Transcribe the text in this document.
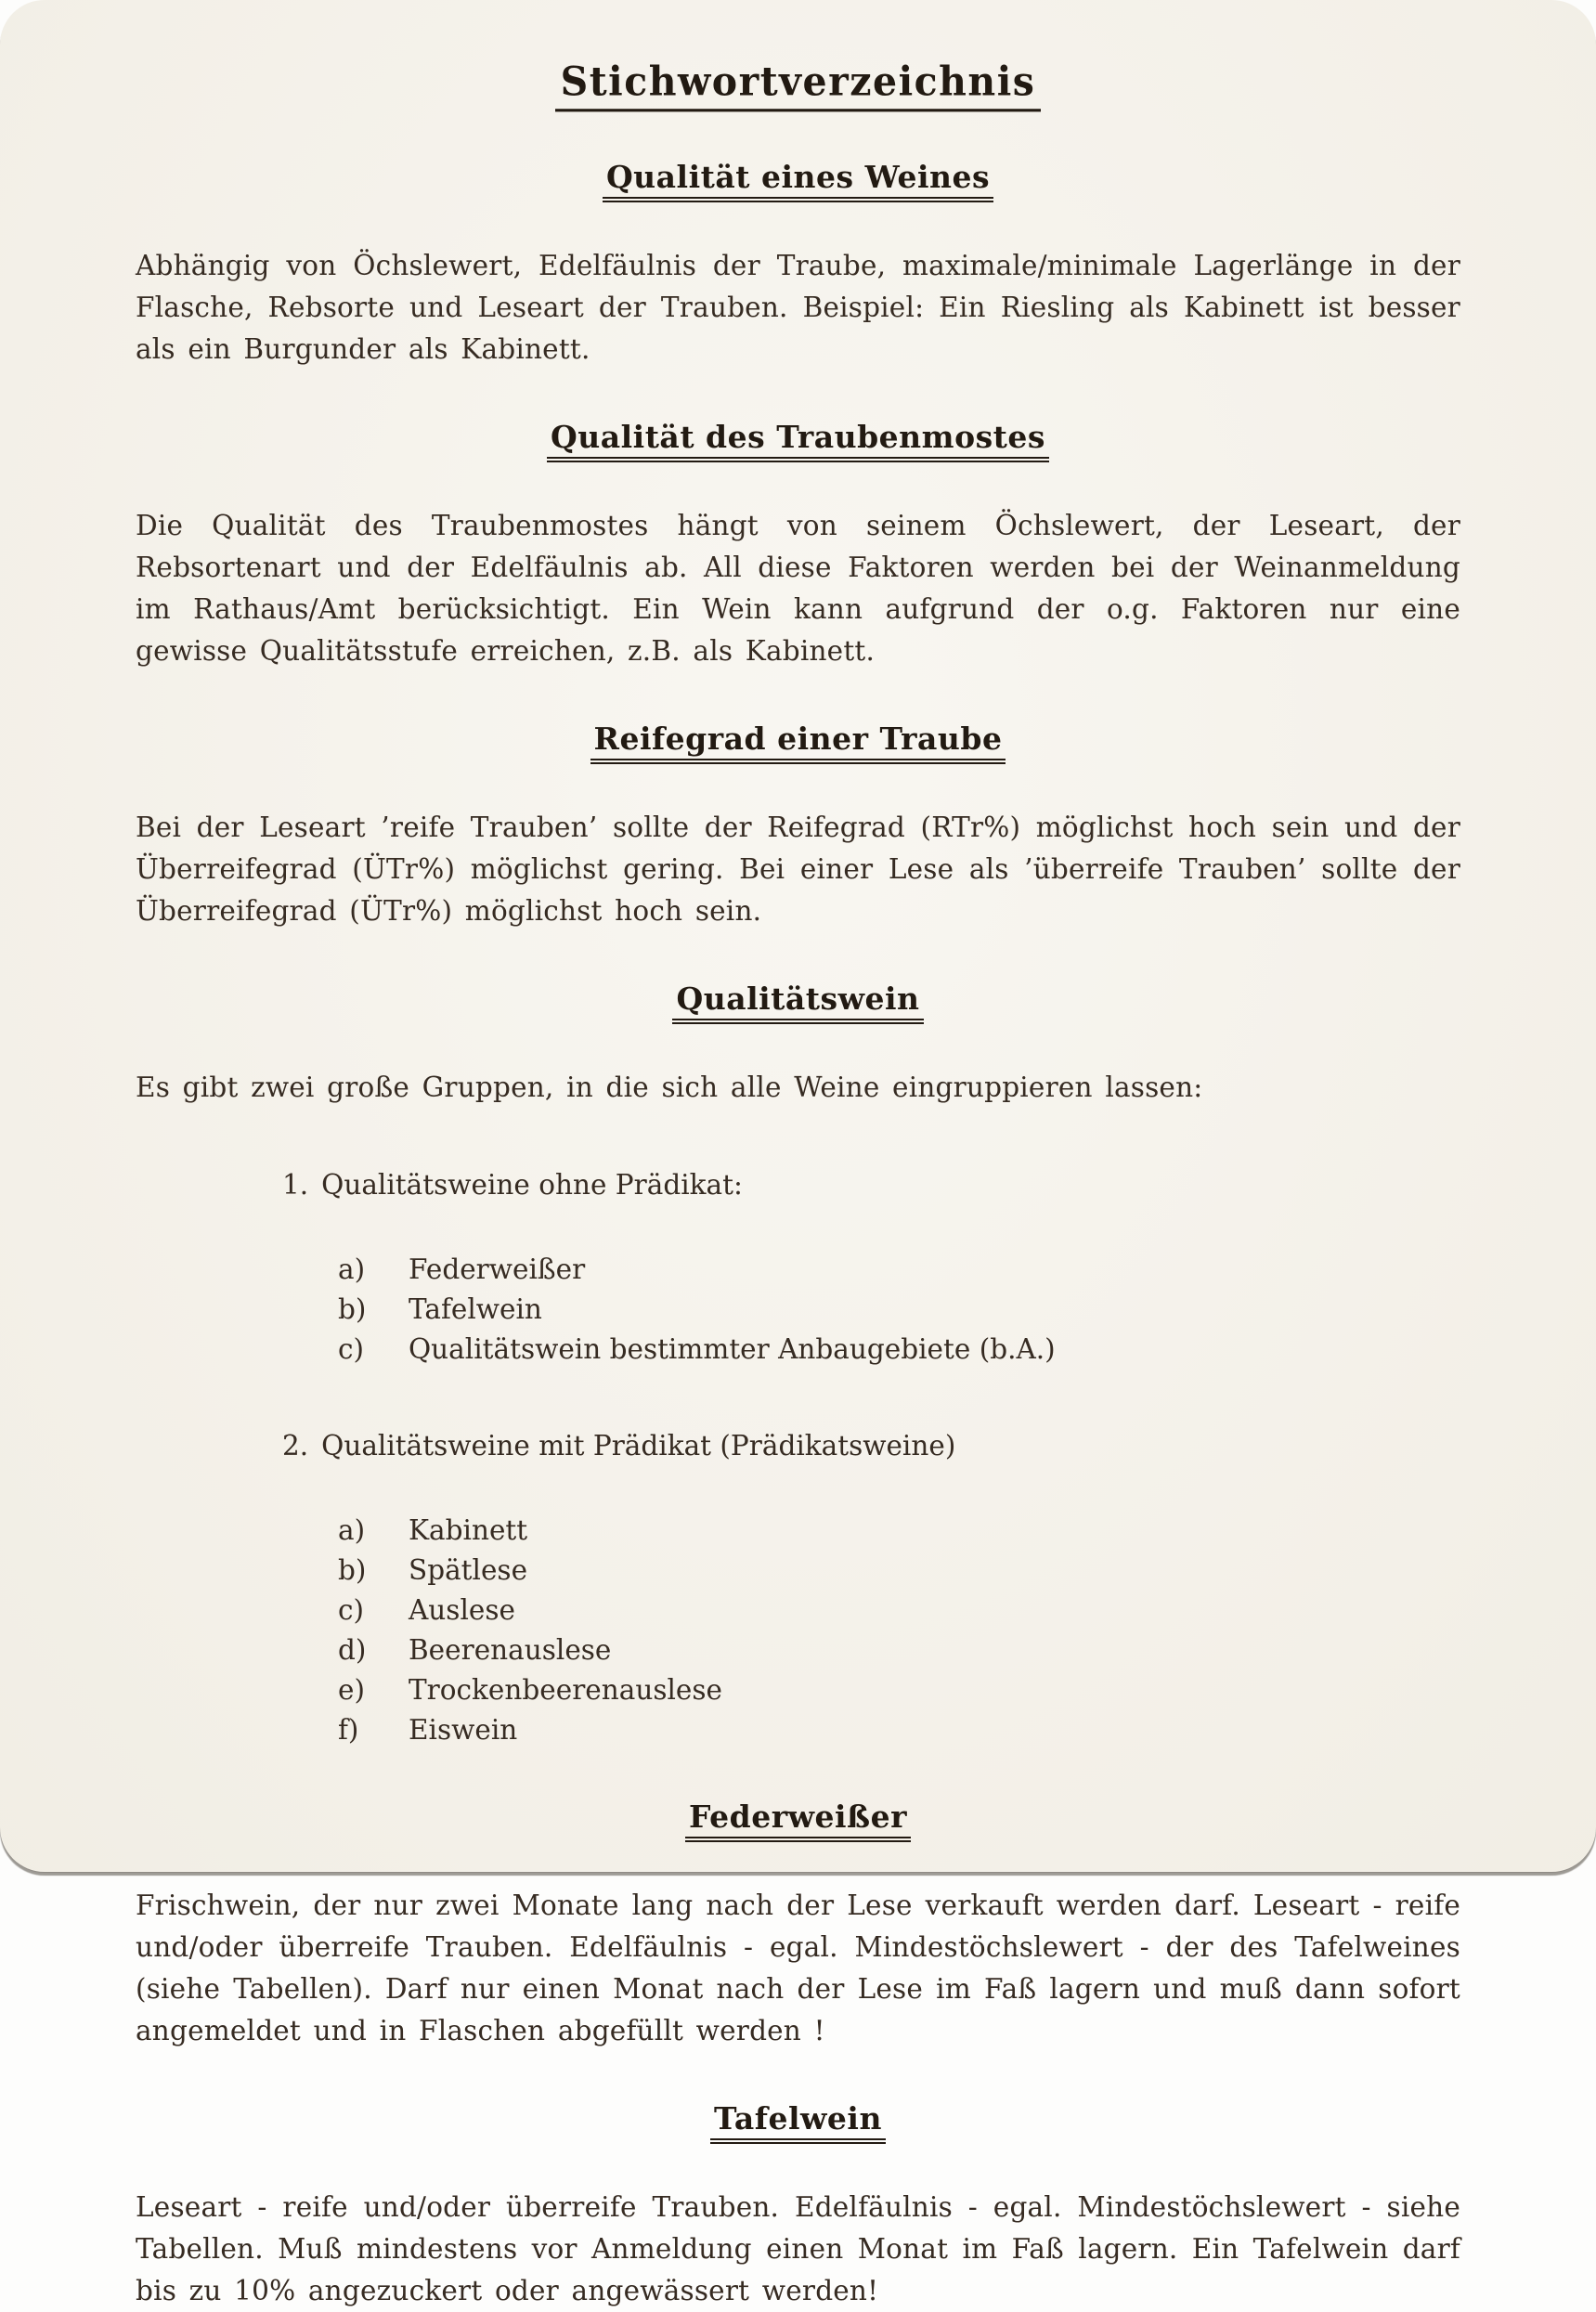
Stichwortverzeichnis
Qualität eines Weines

Abhängig von Öchslewert, Edelfäulnis der Traube, maximale/minimale Lagerlänge in der Flasche, Rebsorte und Leseart der Trauben. Beispiel: Ein Riesling als Kabinett ist besser als ein Burgunder als Kabinett.

Qualität des Traubenmostes

Die Qualität des Traubenmostes hängt von seinem Öchslewert, der Leseart, der Rebsortenart und der Edelfäulnis ab. All diese Faktoren werden bei der Weinanmeldung im Rathaus/Amt berücksichtigt. Ein Wein kann aufgrund der o.g. Faktoren nur eine gewisse Qualitätsstufe erreichen, z.B. als Kabinett.

Reifegrad einer Traube

Bei der Leseart ’reife Trauben’ sollte der Reifegrad (RTr%) möglichst hoch sein und der Überreifegrad (ÜTr%) möglichst gering. Bei einer Lese als ’überreife Trauben’ sollte der Überreifegrad (ÜTr%) möglichst hoch sein.

Qualitätswein

Es gibt zwei große Gruppen, in die sich alle Weine eingruppieren lassen:

1. Qualitätsweine ohne Prädikat:
a)	Federweißer
b)	Tafelwein
c)	Qualitätswein bestimmter Anbaugebiete (b.A.)
2. Qualitätsweine mit Prädikat (Prädikatsweine)
a)	Kabinett
b)	Spätlese
c)	Auslese
d)	Beerenauslese
e)	Trockenbeerenauslese
f)	Eiswein
Federweißer

Frischwein, der nur zwei Monate lang nach der Lese verkauft werden darf. Leseart - reife und/oder überreife Trauben. Edelfäulnis - egal. Mindestöchslewert - der des Tafelweines (siehe Tabellen). Darf nur einen Monat nach der Lese im Faß lagern und muß dann sofort angemeldet und in Flaschen abgefüllt werden !

Tafelwein

Leseart - reife und/oder überreife Trauben. Edelfäulnis - egal. Mindestöchslewert - siehe Tabellen. Muß mindestens vor Anmeldung einen Monat im Faß lagern. Ein Tafelwein darf bis zu 10% angezuckert oder angewässert werden!
